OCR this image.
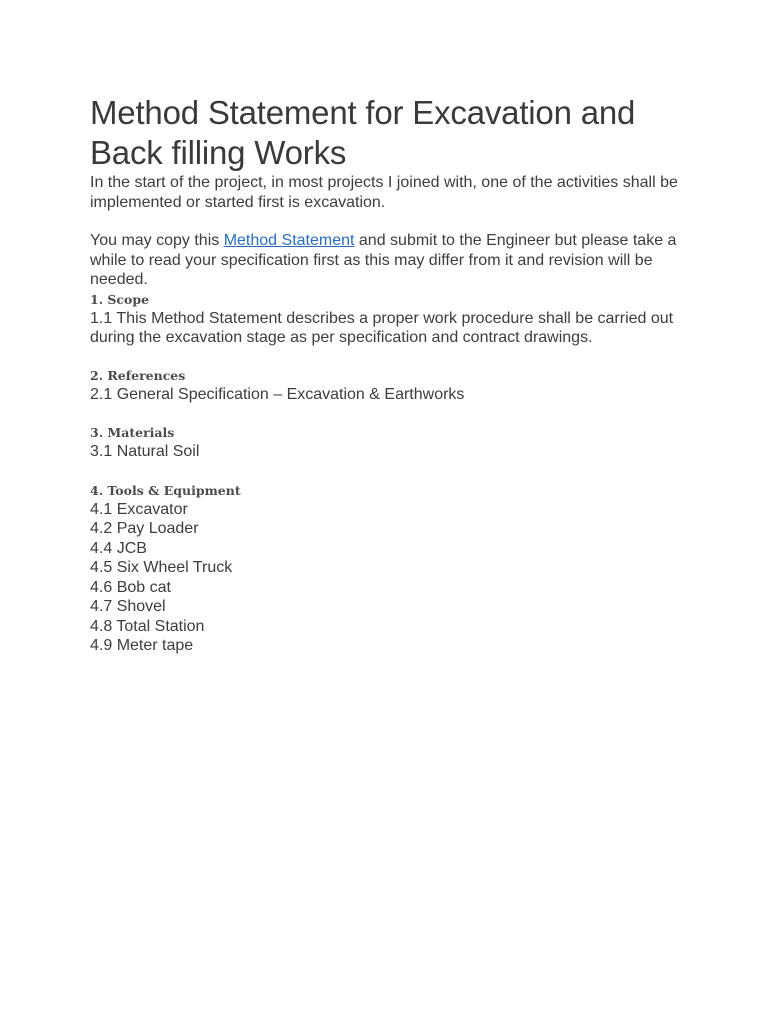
Method Statement for Excavation and Back filling Works

In the start of the project, in most projects I joined with, one of the activities shall be implemented or started first is excavation.

You may copy this Method Statement and submit to the Engineer but please take a while to read your specification first as this may differ from it and revision will be needed.

1. Scope

1.1 This Method Statement describes a proper work procedure shall be carried out during the excavation stage as per specification and contract drawings.

2. References

2.1 General Specification – Excavation & Earthworks

3. Materials

3.1 Natural Soil

4. Tools & Equipment
4.1 Excavator
4.2 Pay Loader
4.4 JCB
4.5 Six Wheel Truck
4.6 Bob cat
4.7 Shovel
4.8 Total Station
4.9 Meter tape
